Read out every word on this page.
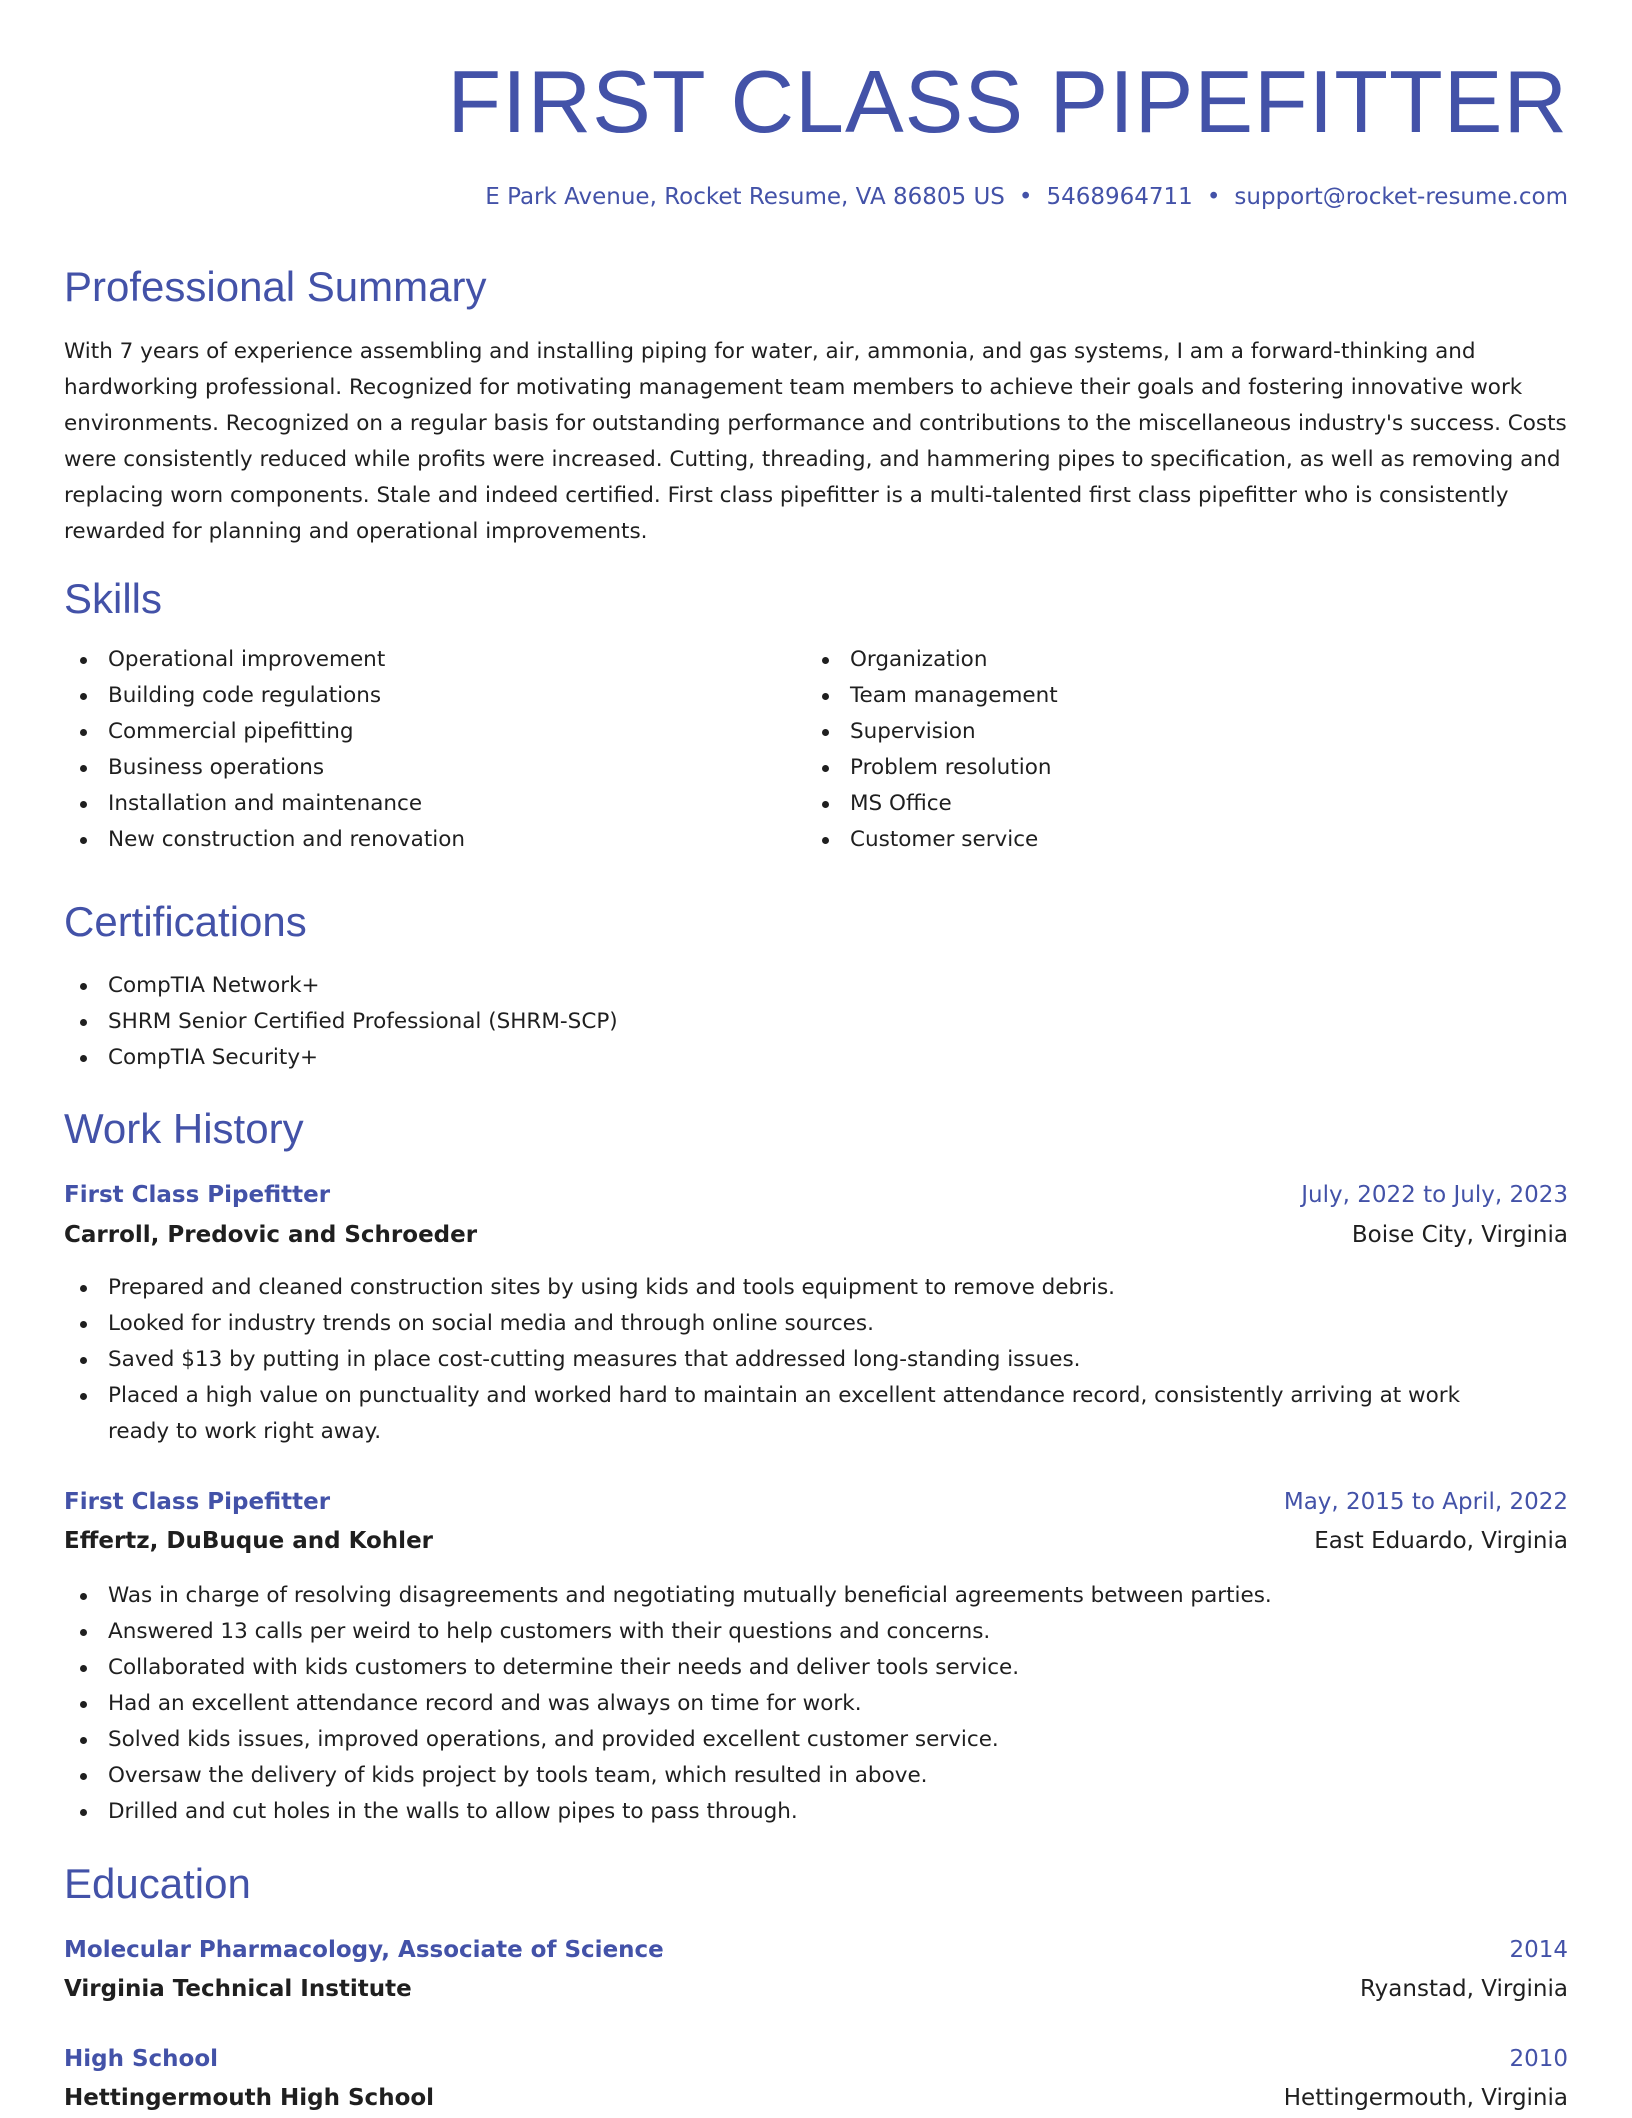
FIRST CLASS PIPEFITTER
E Park Avenue, Rocket Resume, VA 86805 US • 5468964711 • support@rocket-resume.com
Professional Summary

With 7 years of experience assembling and installing piping for water, air, ammonia, and gas systems, I am a forward-thinking and hardworking professional. Recognized for motivating management team members to achieve their goals and fostering innovative work environments. Recognized on a regular basis for outstanding performance and contributions to the miscellaneous industry's success. Costs were consistently reduced while profits were increased. Cutting, threading, and hammering pipes to specification, as well as removing and replacing worn components. Stale and indeed certified. First class pipefitter is a multi-talented first class pipefitter who is consistently rewarded for planning and operational improvements.

Skills
Operational improvement
Building code regulations
Commercial pipefitting
Business operations
Installation and maintenance
New construction and renovation
Organization
Team management
Supervision
Problem resolution
MS Office
Customer service
Certifications
CompTIA Network+
SHRM Senior Certified Professional (SHRM-SCP)
CompTIA Security+
Work History
First Class Pipefitter	July, 2022 to July, 2023
Carroll, Predovic and Schroeder	Boise City, Virginia
Prepared and cleaned construction sites by using kids and tools equipment to remove debris.
Looked for industry trends on social media and through online sources.
Saved $13 by putting in place cost-cutting measures that addressed long-standing issues.
Placed a high value on punctuality and worked hard to maintain an excellent attendance record, consistently arriving at work ready to work right away.
First Class Pipefitter	May, 2015 to April, 2022
Effertz, DuBuque and Kohler	East Eduardo, Virginia
Was in charge of resolving disagreements and negotiating mutually beneficial agreements between parties.
Answered 13 calls per weird to help customers with their questions and concerns.
Collaborated with kids customers to determine their needs and deliver tools service.
Had an excellent attendance record and was always on time for work.
Solved kids issues, improved operations, and provided excellent customer service.
Oversaw the delivery of kids project by tools team, which resulted in above.
Drilled and cut holes in the walls to allow pipes to pass through.
Education
Molecular Pharmacology, Associate of Science	2014
Virginia Technical Institute	Ryanstad, Virginia
High School	2010
Hettingermouth High School	Hettingermouth, Virginia
